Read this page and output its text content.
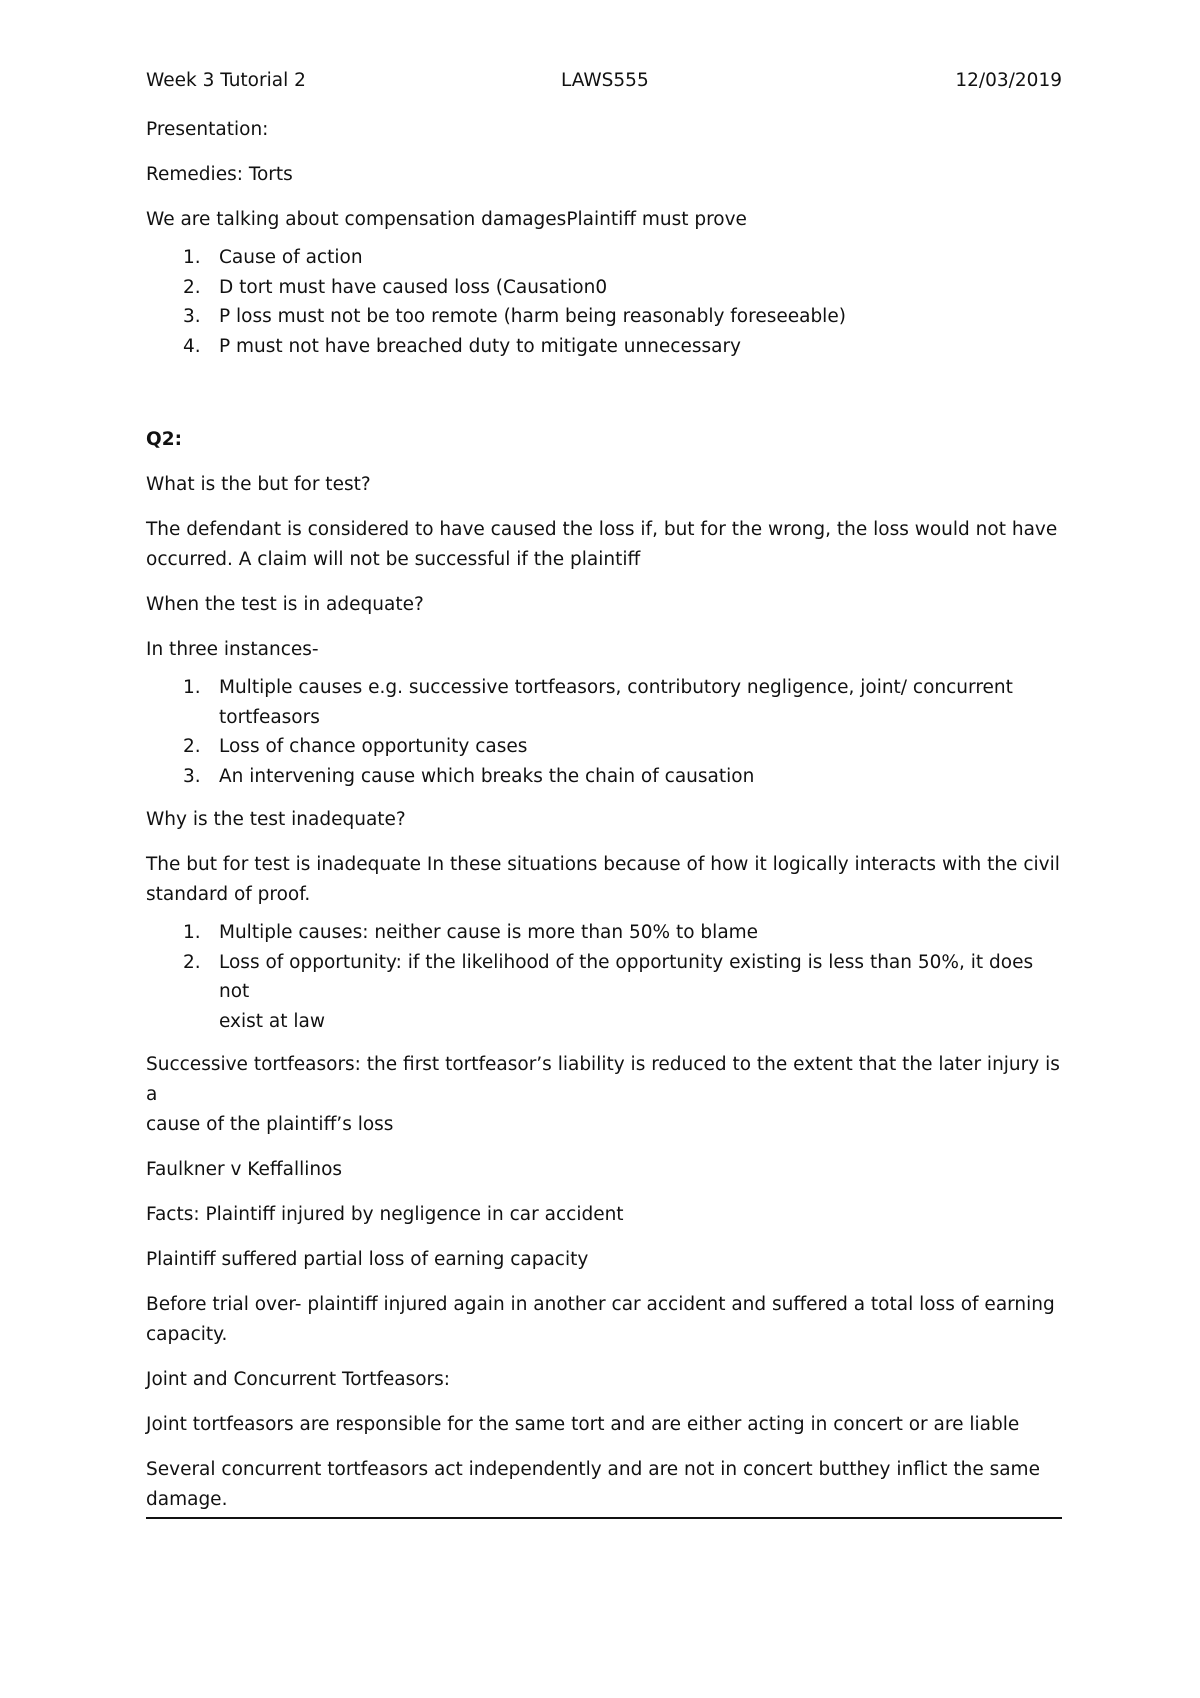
Week 3 Tutorial 2	LAWS555	12/03/2019

Presentation:

Remedies: Torts

We are talking about compensation damagesPlaintiff must prove

1. Cause of action
2. D tort must have caused loss (Causation0
3. P loss must not be too remote (harm being reasonably foreseeable)
4. P must not have breached duty to mitigate unnecessary

Q2:

What is the but for test?

The defendant is considered to have caused the loss if, but for the wrong, the loss would not have

occurred. A claim will not be successful if the plaintiff

When the test is in adequate?

In three instances-

1. Multiple causes e.g. successive tortfeasors, contributory negligence, joint/ concurrent
tortfeasors
2. Loss of chance opportunity cases
3. An intervening cause which breaks the chain of causation

Why is the test inadequate?

The but for test is inadequate In these situations because of how it logically interacts with the civil

standard of proof.

1. Multiple causes: neither cause is more than 50% to blame
2. Loss of opportunity: if the likelihood of the opportunity existing is less than 50%, it does not
exist at law

Successive tortfeasors: the first tortfeasor’s liability is reduced to the extent that the later injury is a

cause of the plaintiff’s loss

Faulkner v Keffallinos

Facts: Plaintiff injured by negligence in car accident

Plaintiff suffered partial loss of earning capacity

Before trial over- plaintiff injured again in another car accident and suffered a total loss of earning

capacity.

Joint and Concurrent Tortfeasors:

Joint tortfeasors are responsible for the same tort and are either acting in concert or are liable

Several concurrent tortfeasors act independently and are not in concert butthey inflict the same

damage.
